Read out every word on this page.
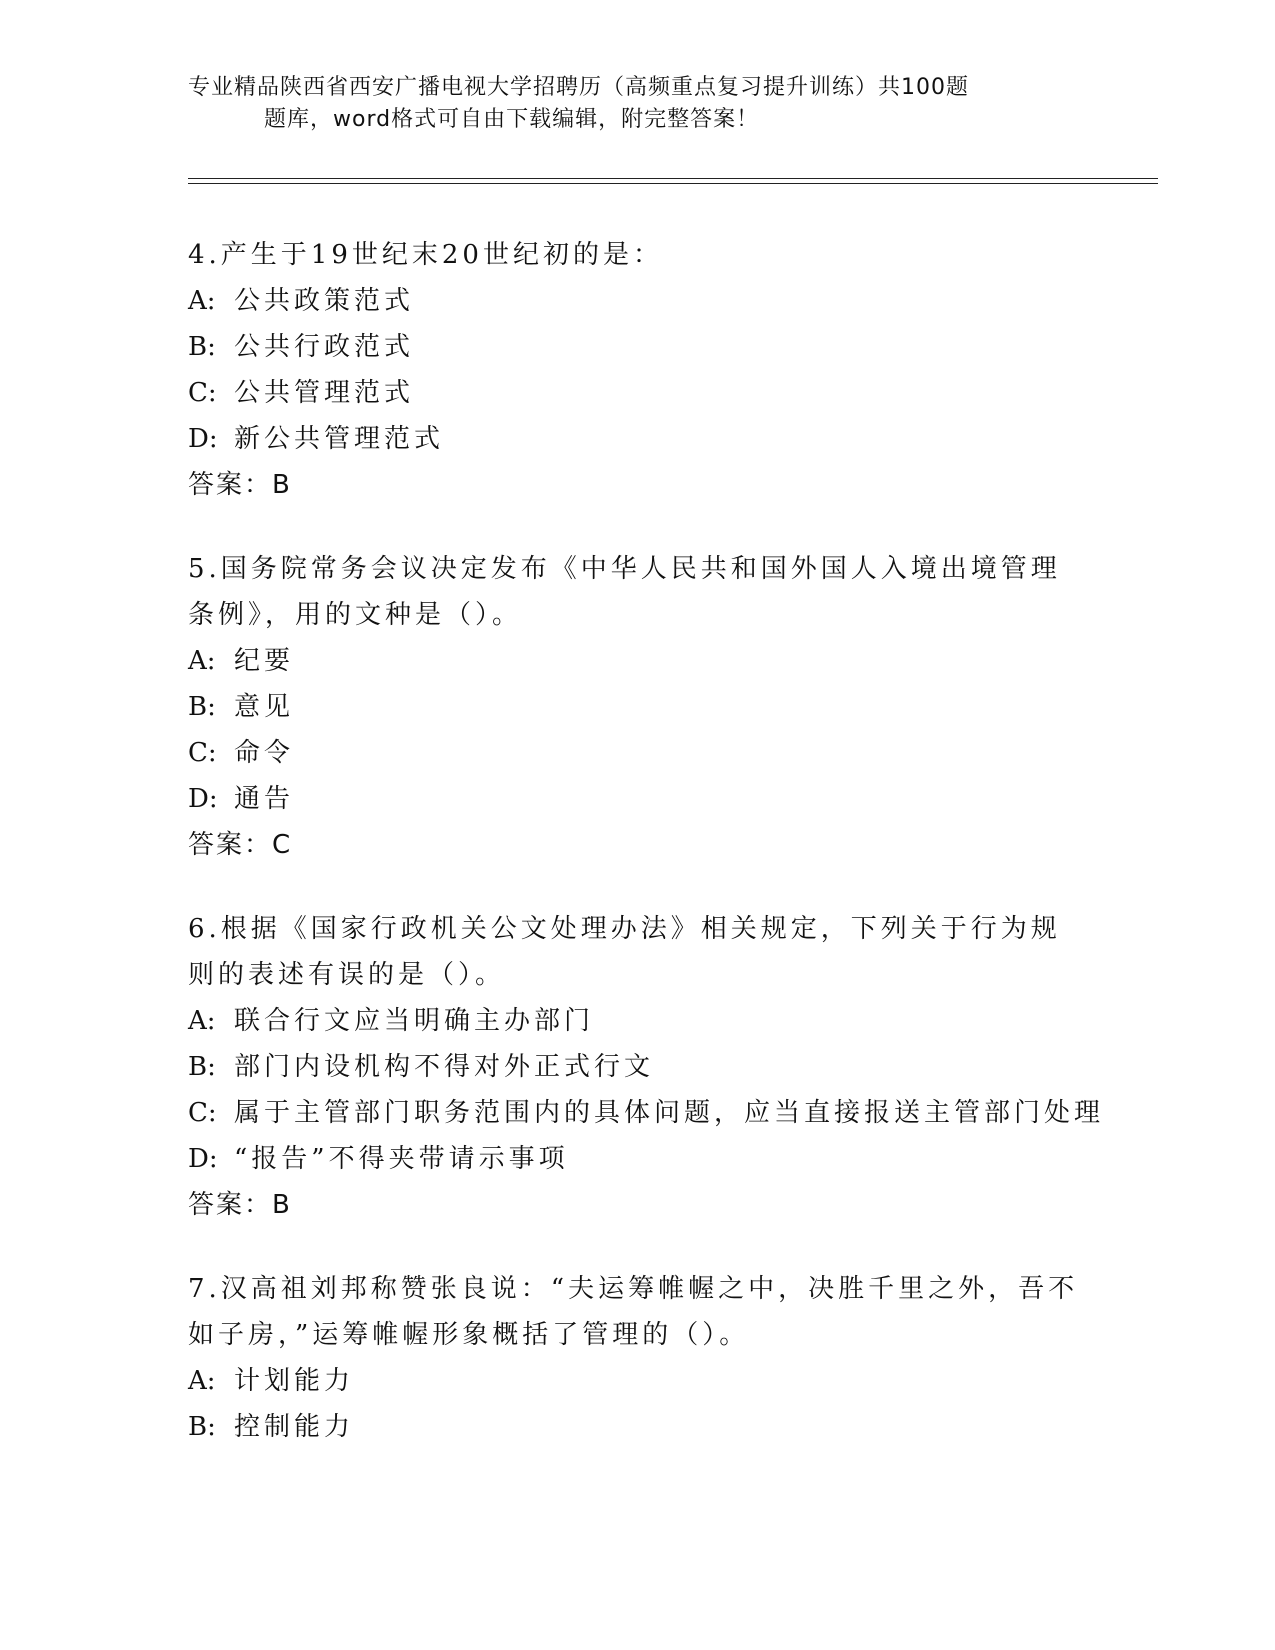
专业精品陕西省西安广播电视大学招聘历（高频重点复习提升训练）共100题
题库，word格式可自由下载编辑，附完整答案！
4.产生于19世纪末20世纪初的是：
A: 公共政策范式
B: 公共行政范式
C: 公共管理范式
D: 新公共管理范式
答案：B
5.国务院常务会议决定发布《中华人民共和国外国人入境出境管理条例》，用的文种是（）。
A: 纪要
B: 意见
C: 命令
D: 通告
答案：C
6.根据《国家行政机关公文处理办法》相关规定，下列关于行为规则的表述有误的是（）。
A: 联合行文应当明确主办部门
B: 部门内设机构不得对外正式行文
C: 属于主管部门职务范围内的具体问题，应当直接报送主管部门处理
D: “报告”不得夹带请示事项
答案：B
7.汉高祖刘邦称赞张良说：“夫运筹帷幄之中，决胜千里之外，吾不如子房，”运筹帷幄形象概括了管理的（）。
A: 计划能力
B: 控制能力
